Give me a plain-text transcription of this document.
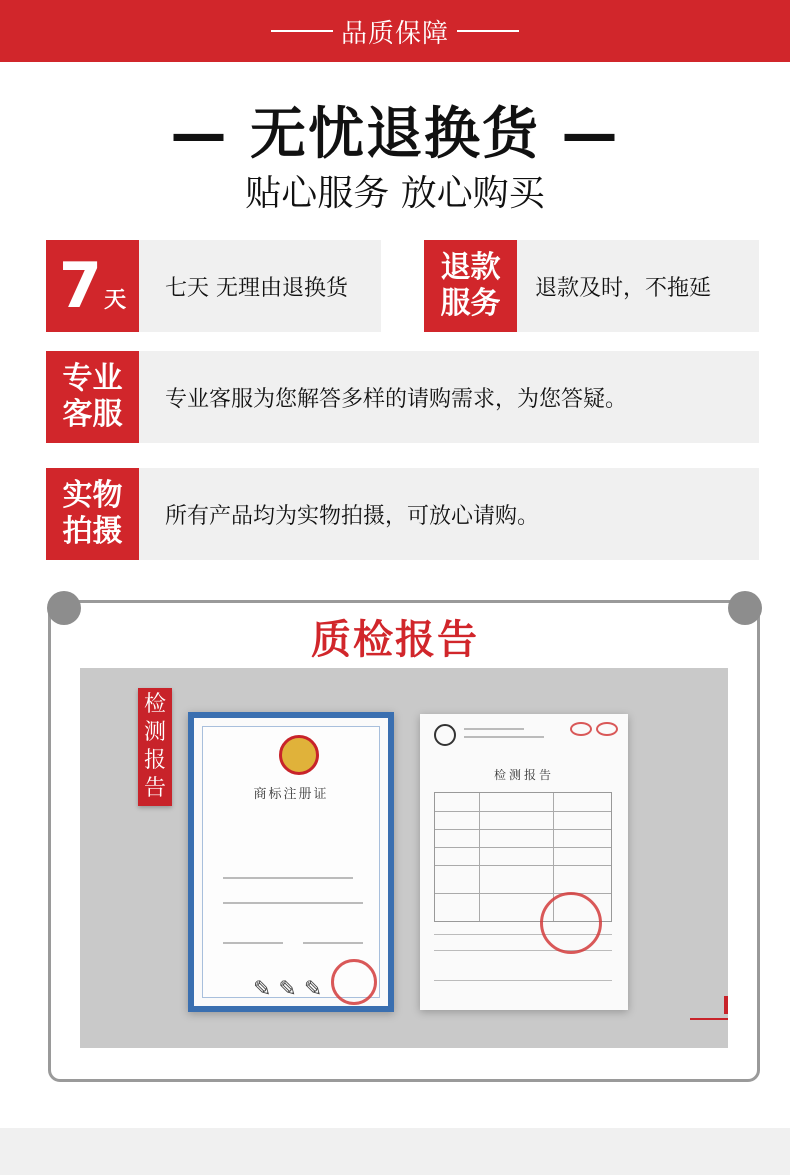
品质保障
— 无忧退换货 —
贴心服务 放心购买
7 天	七天 无理由退换货
退款
服务	退款及时，不拖延
专业
客服	专业客服为您解答多样的请购需求，为您答疑。
实物
拍摄	所有产品均为实物拍摄，可放心请购。
质检报告
检
测
报
告	商标注册证
✎ ✎ ✎
检测报告
